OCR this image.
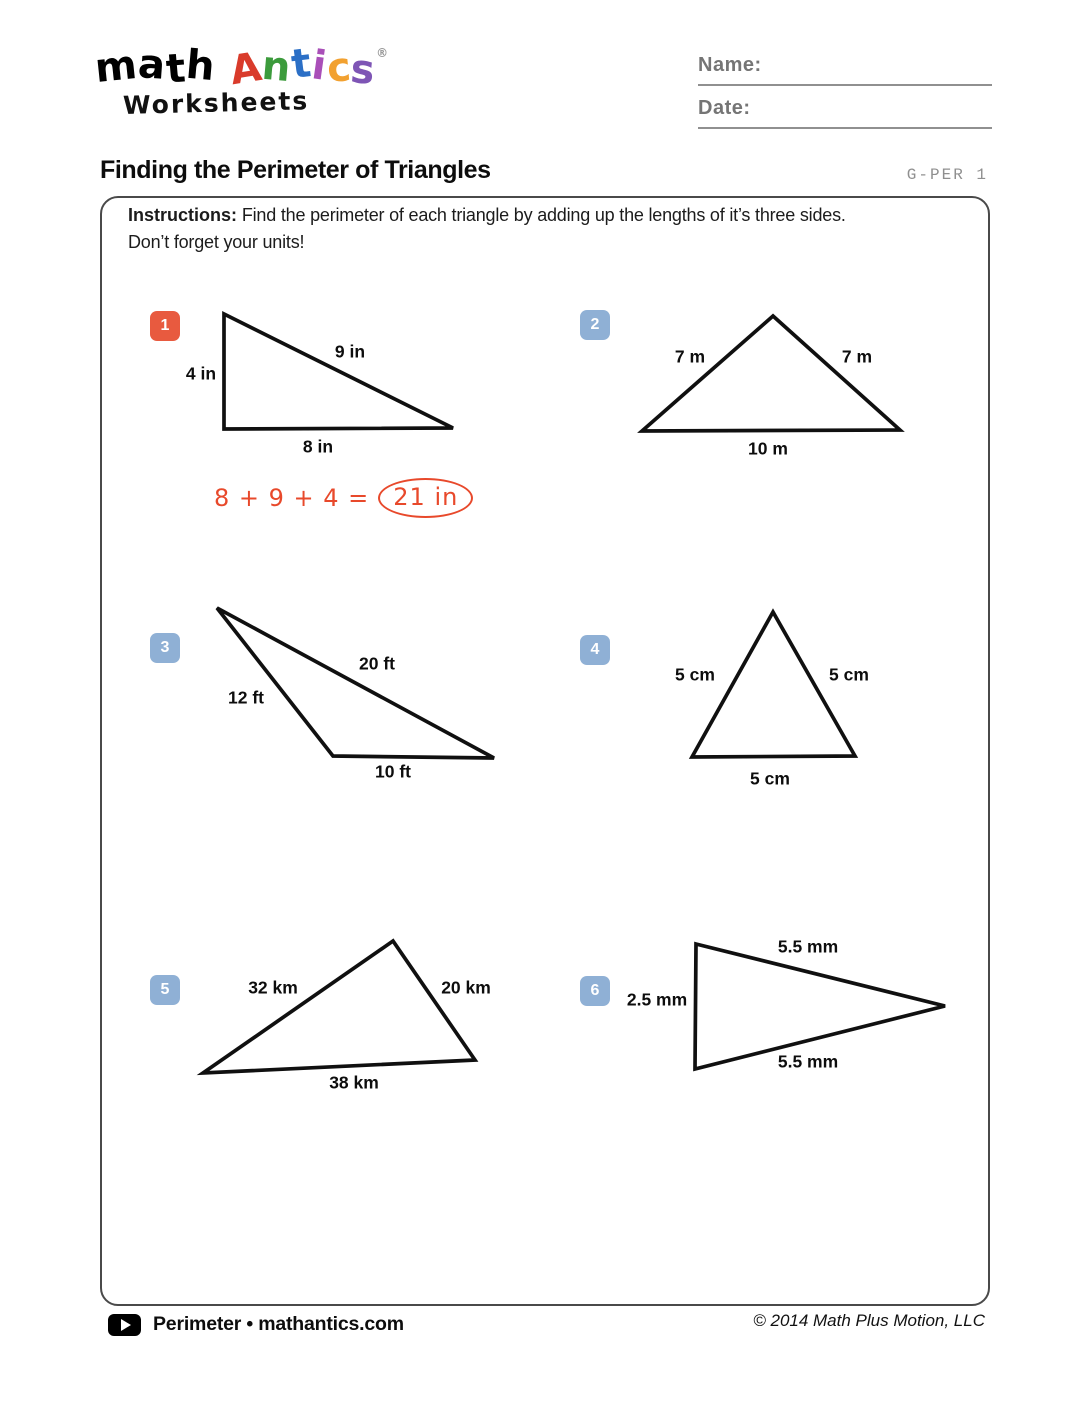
math Antics®
Worksheets
Name:
Date:
Finding the Perimeter of Triangles	G-PER 1
Instructions: Find the perimeter of each triangle by adding up the lengths of it’s three sides.
Don’t forget your units!
1
4 in
9 in
8 in
2
7 m	7 m
10 m
3
12 ft
20 ft
10 ft
4
5 cm	5 cm
5 cm
5	32 km	20 km
38 km
6	2.5 mm
5.5 mm
5.5 mm
8 + 9 + 4 =	21 in
Perimeter • mathantics.com	© 2014 Math Plus Motion, LLC
